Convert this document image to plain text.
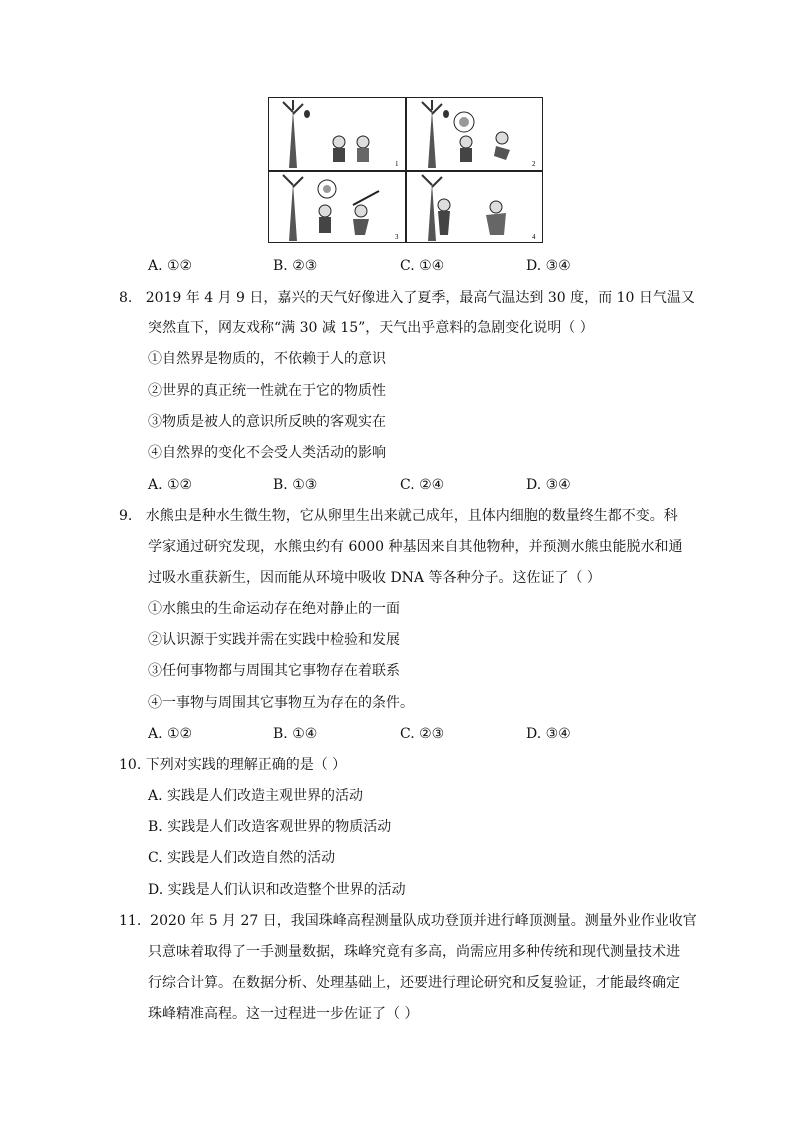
1	2
3	4
A. ①②	B. ②③	C. ①④	D. ③④
8.   2019 年 4 月 9 日，嘉兴的天气好像进入了夏季，最高气温达到 30 度，而 10 日气温又
突然直下，网友戏称“满 30 减 15”，天气出乎意料的急剧变化说明（ ）
①自然界是物质的，不依赖于人的意识
②世界的真正统一性就在于它的物质性
③物质是被人的意识所反映的客观实在
④自然界的变化不会受人类活动的影响
A. ①②	B. ①③	C. ②④	D. ③④
9.   水熊虫是种水生微生物，它从卵里生出来就己成年，且体内细胞的数量终生都不变。科
学家通过研究发现，水熊虫约有 6000 种基因来自其他物种，并预测水熊虫能脱水和通
过吸水重获新生，因而能从环境中吸收 DNA 等各种分子。这佐证了（ ）
①水熊虫的生命运动存在绝对静止的一面
②认识源于实践并需在实践中检验和发展
③任何事物都与周围其它事物存在着联系
④一事物与周围其它事物互为存在的条件。
A. ①②	B. ①④	C. ②③	D. ③④
10. 下列对实践的理解正确的是（ ）
A. 实践是人们改造主观世界的活动
B. 实践是人们改造客观世界的物质活动
C. 实践是人们改造自然的活动
D. 实践是人们认识和改造整个世界的活动
11.  2020 年 5 月 27 日，我国珠峰高程测量队成功登顶并进行峰顶测量。测量外业作业收官
只意味着取得了一手测量数据，珠峰究竟有多高，尚需应用多种传统和现代测量技术进
行综合计算。在数据分析、处理基础上，还要进行理论研究和反复验证，才能最终确定
珠峰精准高程。这一过程进一步佐证了（ ）
